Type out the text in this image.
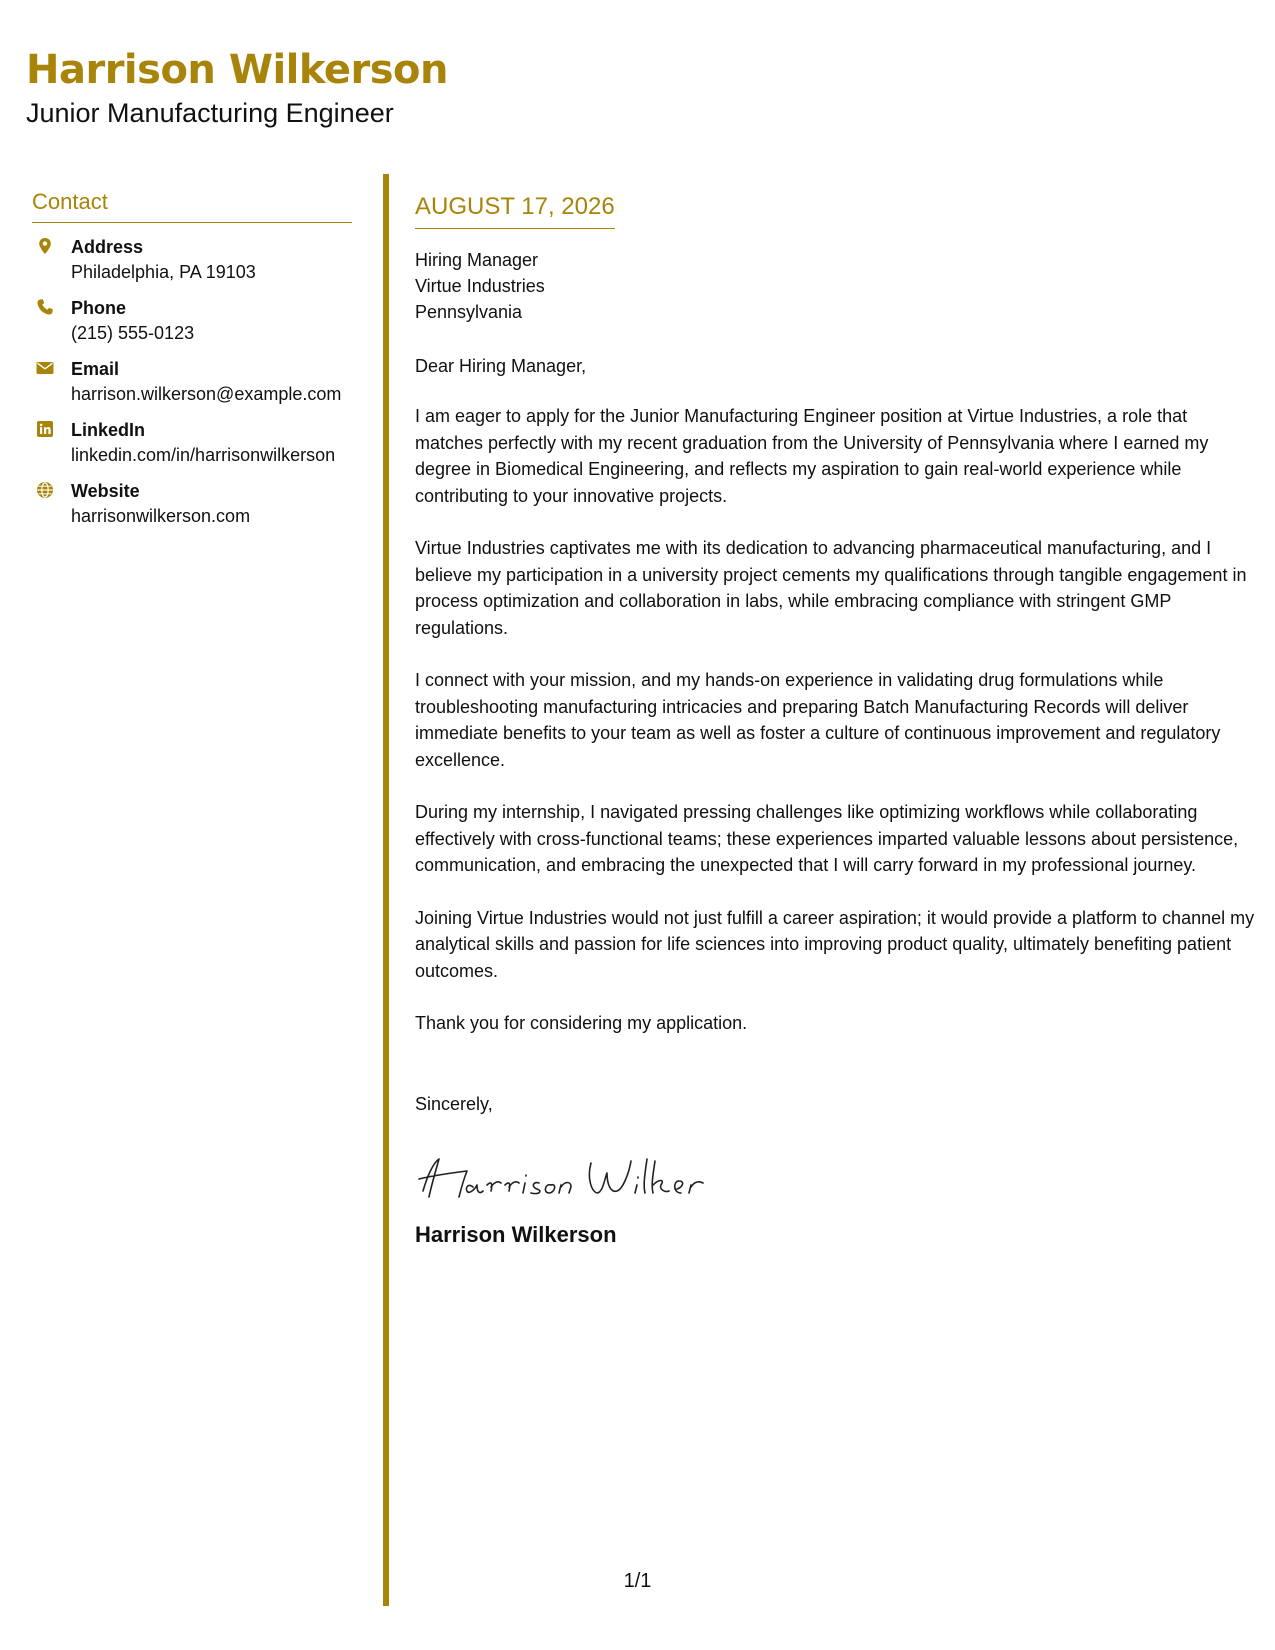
Harrison Wilkerson
Junior Manufacturing Engineer
Contact
Address
Philadelphia, PA 19103
Phone
(215) 555-0123
Email
harrison.wilkerson@example.com
LinkedIn
linkedin.com/in/harrisonwilkerson
Website
harrisonwilkerson.com
AUGUST 17, 2026
Hiring Manager
Virtue Industries
Pennsylvania
Dear Hiring Manager,

I am eager to apply for the Junior Manufacturing Engineer position at Virtue Industries, a role that matches perfectly with my recent graduation from the University of Pennsylvania where I earned my degree in Biomedical Engineering, and reflects my aspiration to gain real-world experience while contributing to your innovative projects.

Virtue Industries captivates me with its dedication to advancing pharmaceutical manufacturing, and I believe my participation in a university project cements my qualifications through tangible engagement in process optimization and collaboration in labs, while embracing compliance with stringent GMP regulations.

I connect with your mission, and my hands-on experience in validating drug formulations while troubleshooting manufacturing intricacies and preparing Batch Manufacturing Records will deliver immediate benefits to your team as well as foster a culture of continuous improvement and regulatory excellence.

During my internship, I navigated pressing challenges like optimizing workflows while collaborating effectively with cross-functional teams; these experiences imparted valuable lessons about persistence, communication, and embracing the unexpected that I will carry forward in my professional journey.

Joining Virtue Industries would not just fulfill a career aspiration; it would provide a platform to channel my analytical skills and passion for life sciences into improving product quality, ultimately benefiting patient outcomes.

Thank you for considering my application.

Sincerely,
Harrison Wilkerson
1/1
